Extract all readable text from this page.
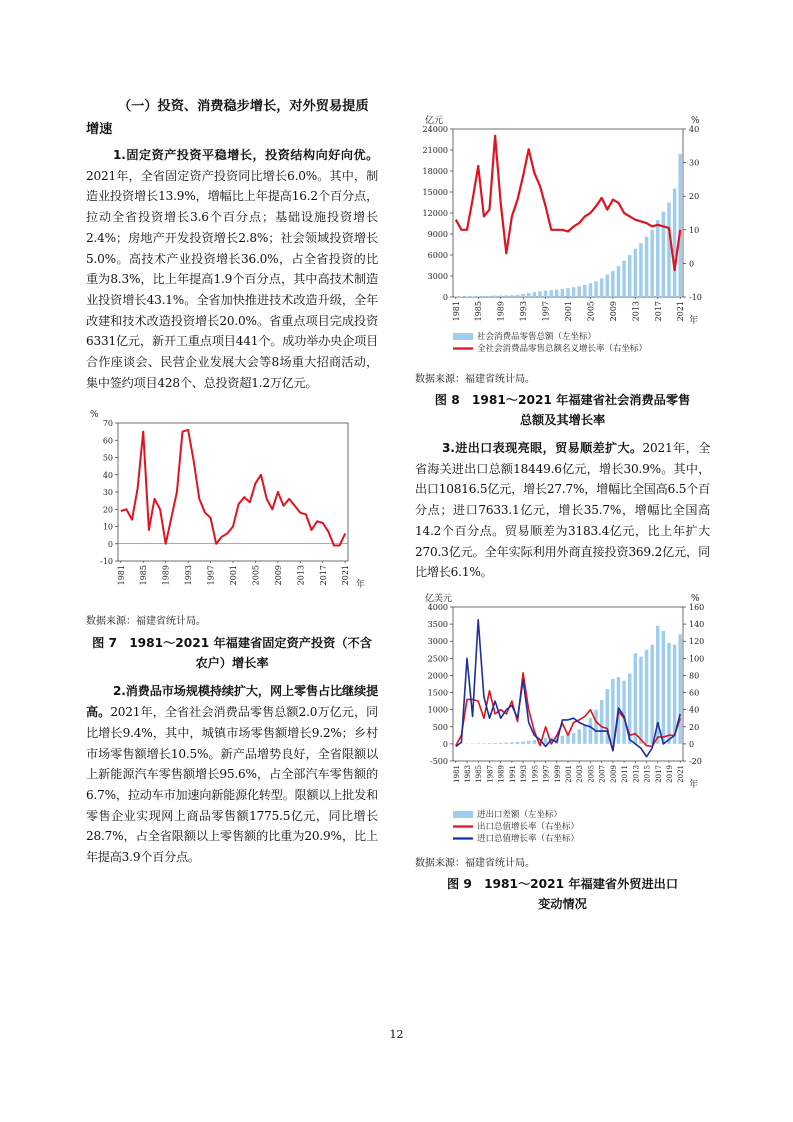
（一）投资、消费稳步增长，对外贸易提质增速

1.固定资产投资平稳增长，投资结构向好向优。2021年，全省固定资产投资同比增长6.0%。其中，制造业投资增长13.9%，增幅比上年提高16.2个百分点，拉动全省投资增长3.6个百分点；基础设施投资增长2.4%；房地产开发投资增长2.8%；社会领域投资增长5.0%。高技术产业投资增长36.0%，占全省投资的比重为8.3%，比上年提高1.9个百分点，其中高技术制造业投资增长43.1%。全省加快推进技术改造升级，全年改建和技术改造投资增长20.0%。省重点项目完成投资6331亿元，新开工重点项目441个。成功举办央企项目合作座谈会、民营企业发展大会等8场重大招商活动，集中签约项目428个、总投资超1.2万亿元。

-10
0
10
20
30
40
50
60
70
%
1981 1985 1989 1993 1997 2001 2005 2009 2013 2017 2021 年

数据来源：福建省统计局。

图 7　1981～2021 年福建省固定资产投资（不含

农户）增长率

2.消费品市场规模持续扩大，网上零售占比继续提高。2021年，全省社会消费品零售总额2.0万亿元，同比增长9.4%，其中，城镇市场零售额增长9.2%；乡村市场零售额增长10.5%。新产品增势良好，全省限额以上新能源汽车零售额增长95.6%，占全部汽车零售额的6.7%，拉动车市加速向新能源化转型。限额以上批发和零售企业实现网上商品零售额1775.5亿元，同比增长28.7%，占全省限额以上零售额的比重为20.9%，比上年提高3.9个百分点。

0
3000
6000
9000
12000
15000
18000
21000
24000
亿元
-10
0
10
20
30
40
%
1981 1985 1989 1993 1997 2001 2005 2009 2013 2017 2021 年
社会消费品零售总额（左坐标）
全社会消费品零售总额名义增长率（右坐标）

数据来源：福建省统计局。

图 8　1981～2021 年福建省社会消费品零售

总额及其增长率

3.进出口表现亮眼，贸易顺差扩大。2021年，全省海关进出口总额18449.6亿元，增长30.9%。其中，出口10816.5亿元，增长27.7%，增幅比全国高6.5个百分点；进口7633.1亿元，增长35.7%，增幅比全国高14.2个百分点。贸易顺差为3183.4亿元，比上年扩大270.3亿元。全年实际利用外商直接投资369.2亿元，同比增长6.1%。

-500
0
500
1000
1500
2000
2500
3000
3500
4000
亿美元
-20
0
20
40
60
80
100
120
140
160
%
1981 1983 1985 1987 1989 1991 1993 1995 1997 1999 2001 2003 2005 2007 2009 2011 2013 2015 2017 2019 2021
年
进出口差额（左坐标）
出口总值增长率（右坐标）
进口总值增长率（右坐标）

数据来源：福建省统计局。

图 9　1981～2021 年福建省外贸进出口

变动情况

12
